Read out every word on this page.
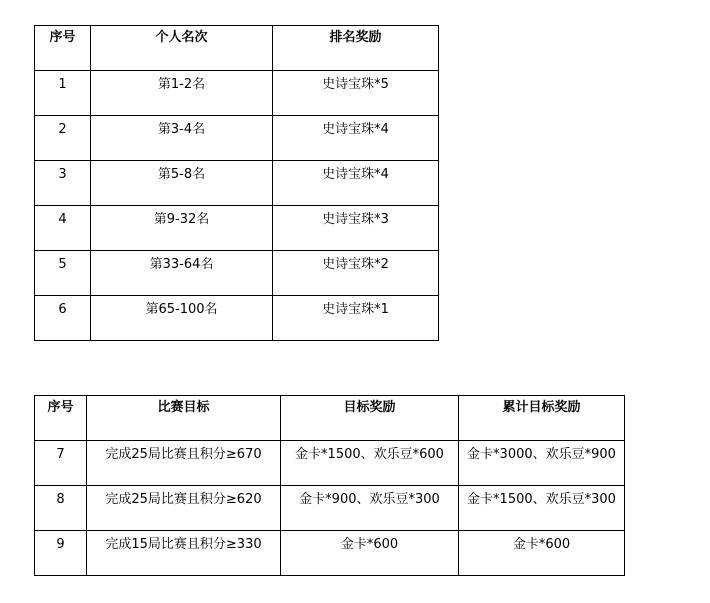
序号	个人名次	排名奖励
1	第1-2名	史诗宝珠*5
2	第3-4名	史诗宝珠*4
3	第5-8名	史诗宝珠*4
4	第9-32名	史诗宝珠*3
5	第33-64名	史诗宝珠*2
6	第65-100名	史诗宝珠*1
序号	比赛目标	目标奖励	累计目标奖励
7	完成25局比赛且积分≥670	金卡*1500、欢乐豆*600	金卡*3000、欢乐豆*900
8	完成25局比赛且积分≥620	金卡*900、欢乐豆*300	金卡*1500、欢乐豆*300
9	完成15局比赛且积分≥330	金卡*600	金卡*600
